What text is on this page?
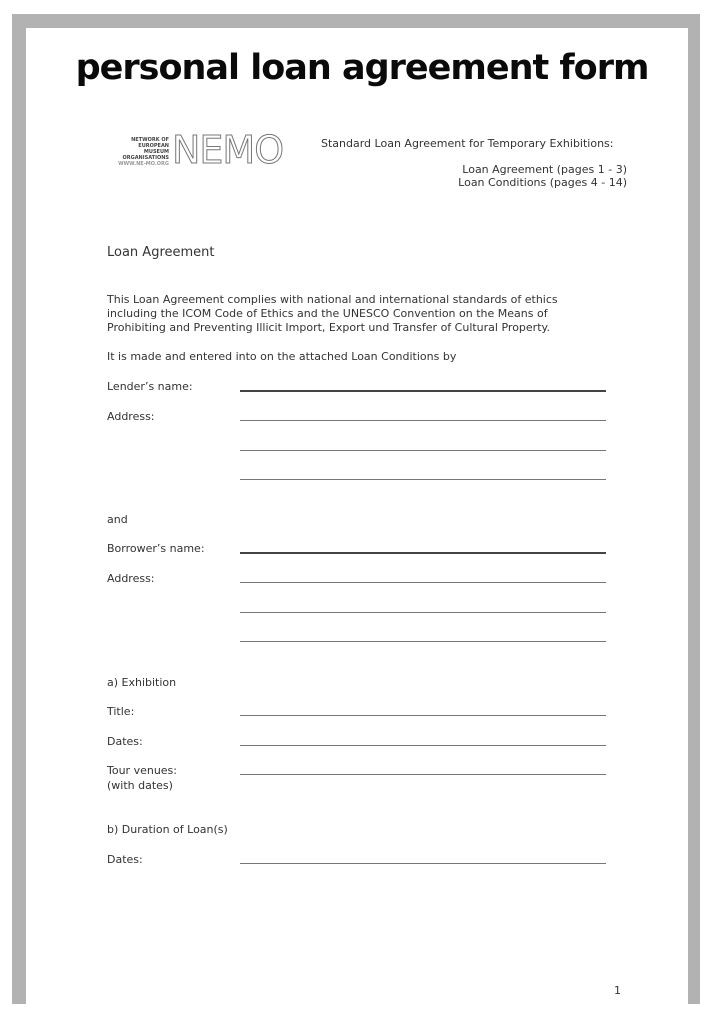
personal loan agreement form
NETWORK OF
EUROPEAN
MUSEUM
ORGANISATIONS
WWW.NE-MO.ORG NEMO	Standard Loan Agreement for Temporary Exhibitions:
Loan Agreement (pages 1 - 3)
Loan Conditions (pages 4 - 14)
Loan Agreement
This Loan Agreement complies with national and international standards of ethics including the ICOM Code of Ethics and the UNESCO Convention on the Means of Prohibiting and Preventing Illicit Import, Export und Transfer of Cultural Property.
It is made and entered into on the attached Loan Conditions by
Lender’s name:
Address:
and
Borrower’s name:
Address:
a) Exhibition
Title:
Dates:
Tour venues:
(with dates)
b) Duration of Loan(s)
Dates:
1
